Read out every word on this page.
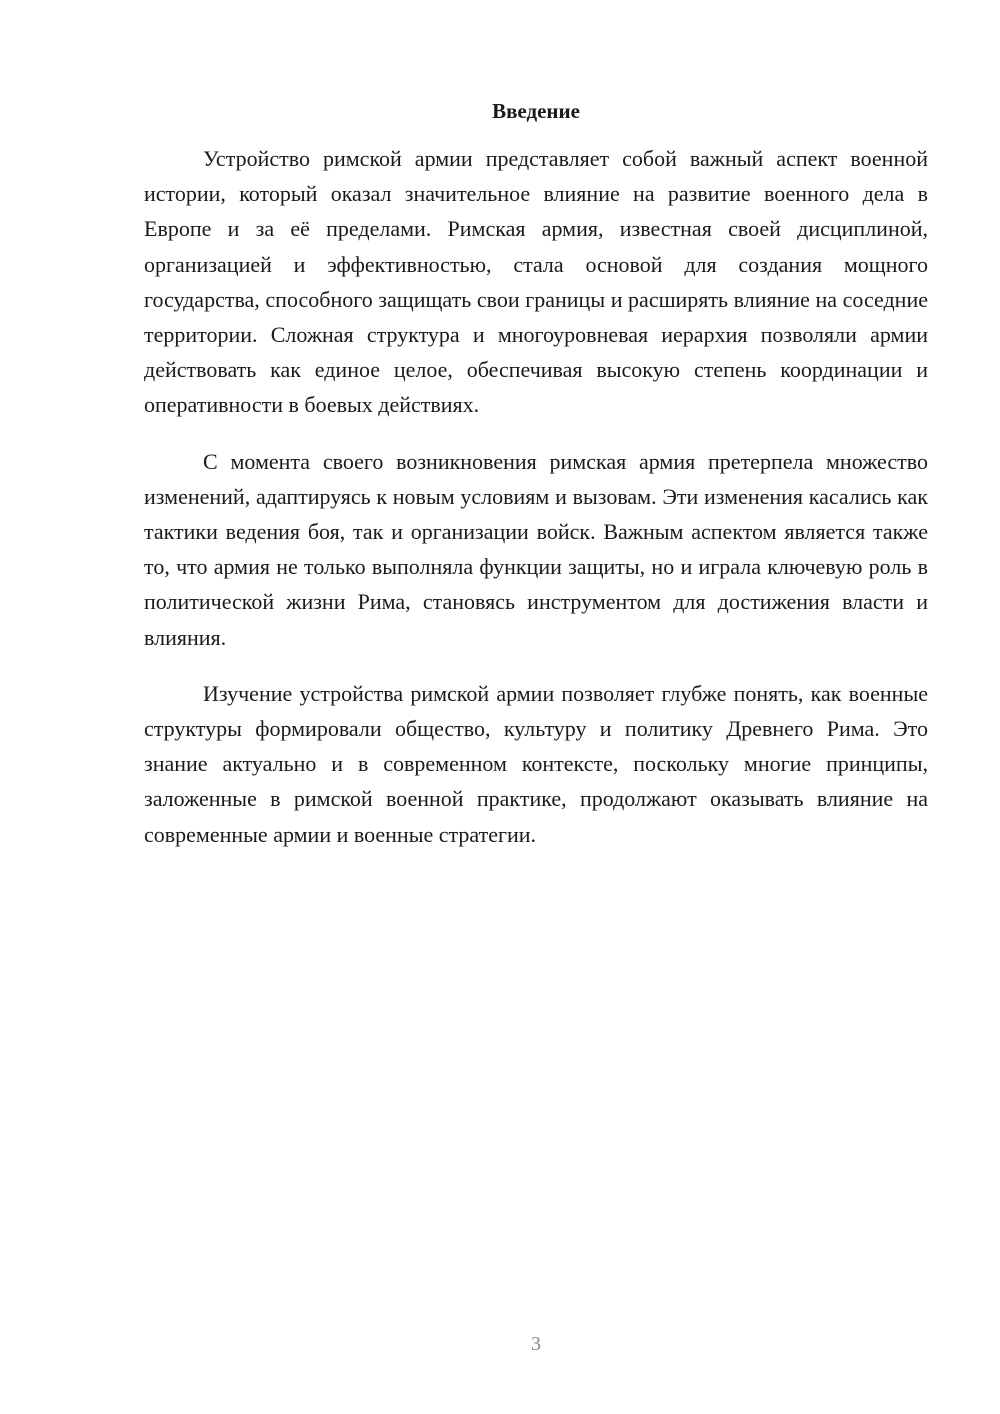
Введение

Устройство римской армии представляет собой важный аспект военной истории, который оказал значительное влияние на развитие военного дела в Европе и за её пределами. Римская армия, известная своей дисциплиной, организацией и эффективностью, стала основой для создания мощного государства, способного защищать свои границы и расширять влияние на соседние территории. Сложная структура и многоуровневая иерархия позволяли армии действовать как единое целое, обеспечивая высокую степень координации и оперативности в боевых действиях.

С момента своего возникновения римская армия претерпела множество изменений, адаптируясь к новым условиям и вызовам. Эти изменения касались как тактики ведения боя, так и организации войск. Важным аспектом является также то, что армия не только выполняла функции защиты, но и играла ключевую роль в политической жизни Рима, становясь инструментом для достижения власти и влияния.

Изучение устройства римской армии позволяет глубже понять, как военные структуры формировали общество, культуру и политику Древнего Рима. Это знание актуально и в современном контексте, поскольку многие принципы, заложенные в римской военной практике, продолжают оказывать влияние на современные армии и военные стратегии.

3
